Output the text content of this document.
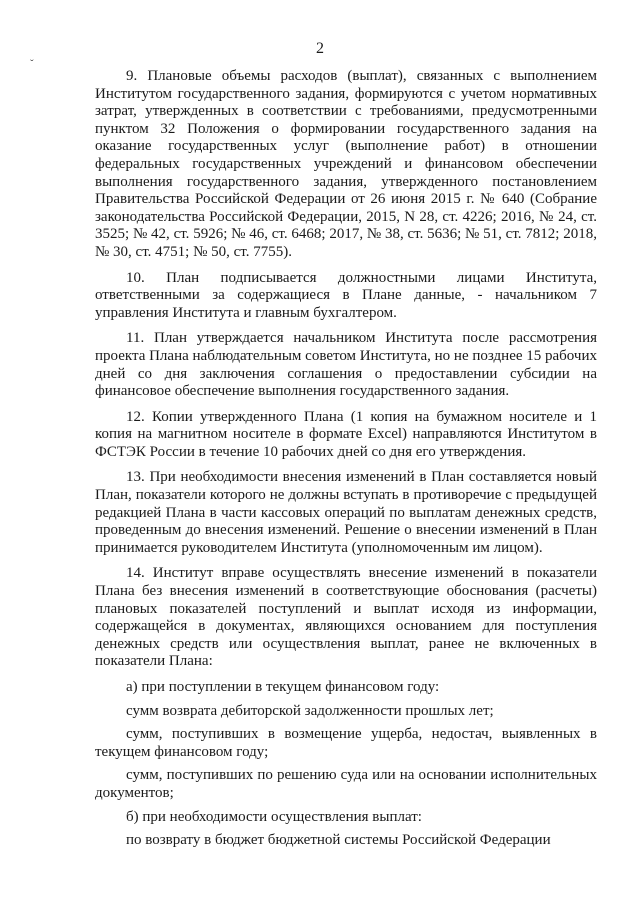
2
ˇ

9. Плановые объемы расходов (выплат), связанных с выполнением Институтом государственного задания, формируются с учетом нормативных затрат, утвержденных в соответствии с требованиями, предусмотренными пунктом 32 Положения о формировании государственного задания на оказание государственных услуг (выполнение работ) в отношении федеральных государственных учреждений и финансовом обеспечении выполнения государственного задания, утвержденного постановлением Правительства Российской Федерации от 26 июня 2015 г. № 640 (Собрание законодательства Российской Федерации, 2015, N 28, ст. 4226; 2016, № 24, ст. 3525; № 42, ст. 5926; № 46, ст. 6468; 2017, № 38, ст. 5636; № 51, ст. 7812; 2018, № 30, ст. 4751; № 50, ст. 7755).

10. План подписывается должностными лицами Института, ответственными за содержащиеся в Плане данные, - начальником 7 управления Института и главным бухгалтером.

11. План утверждается начальником Института после рассмотрения проекта Плана наблюдательным советом Института, но не позднее 15 рабочих дней со дня заключения соглашения о предоставлении субсидии на финансовое обеспечение выполнения государственного задания.

12. Копии утвержденного Плана (1 копия на бумажном носителе и 1 копия на магнитном носителе в формате Excel) направляются Институтом в ФСТЭК России в течение 10 рабочих дней со дня его утверждения.

13. При необходимости внесения изменений в План составляется новый План, показатели которого не должны вступать в противоречие с предыдущей редакцией Плана в части кассовых операций по выплатам денежных средств, проведенным до внесения изменений. Решение о внесении изменений в План принимается руководителем Института (уполномоченным им лицом).

14. Институт вправе осуществлять внесение изменений в показатели Плана без внесения изменений в соответствующие обоснования (расчеты) плановых показателей поступлений и выплат исходя из информации, содержащейся в документах, являющихся основанием для поступления денежных средств или осуществления выплат, ранее не включенных в показатели Плана:

а) при поступлении в текущем финансовом году:

сумм возврата дебиторской задолженности прошлых лет;

сумм, поступивших в возмещение ущерба, недостач, выявленных в текущем финансовом году;

сумм, поступивших по решению суда или на основании исполнительных документов;

б) при необходимости осуществления выплат:

по возврату в бюджет бюджетной системы Российской Федерации
